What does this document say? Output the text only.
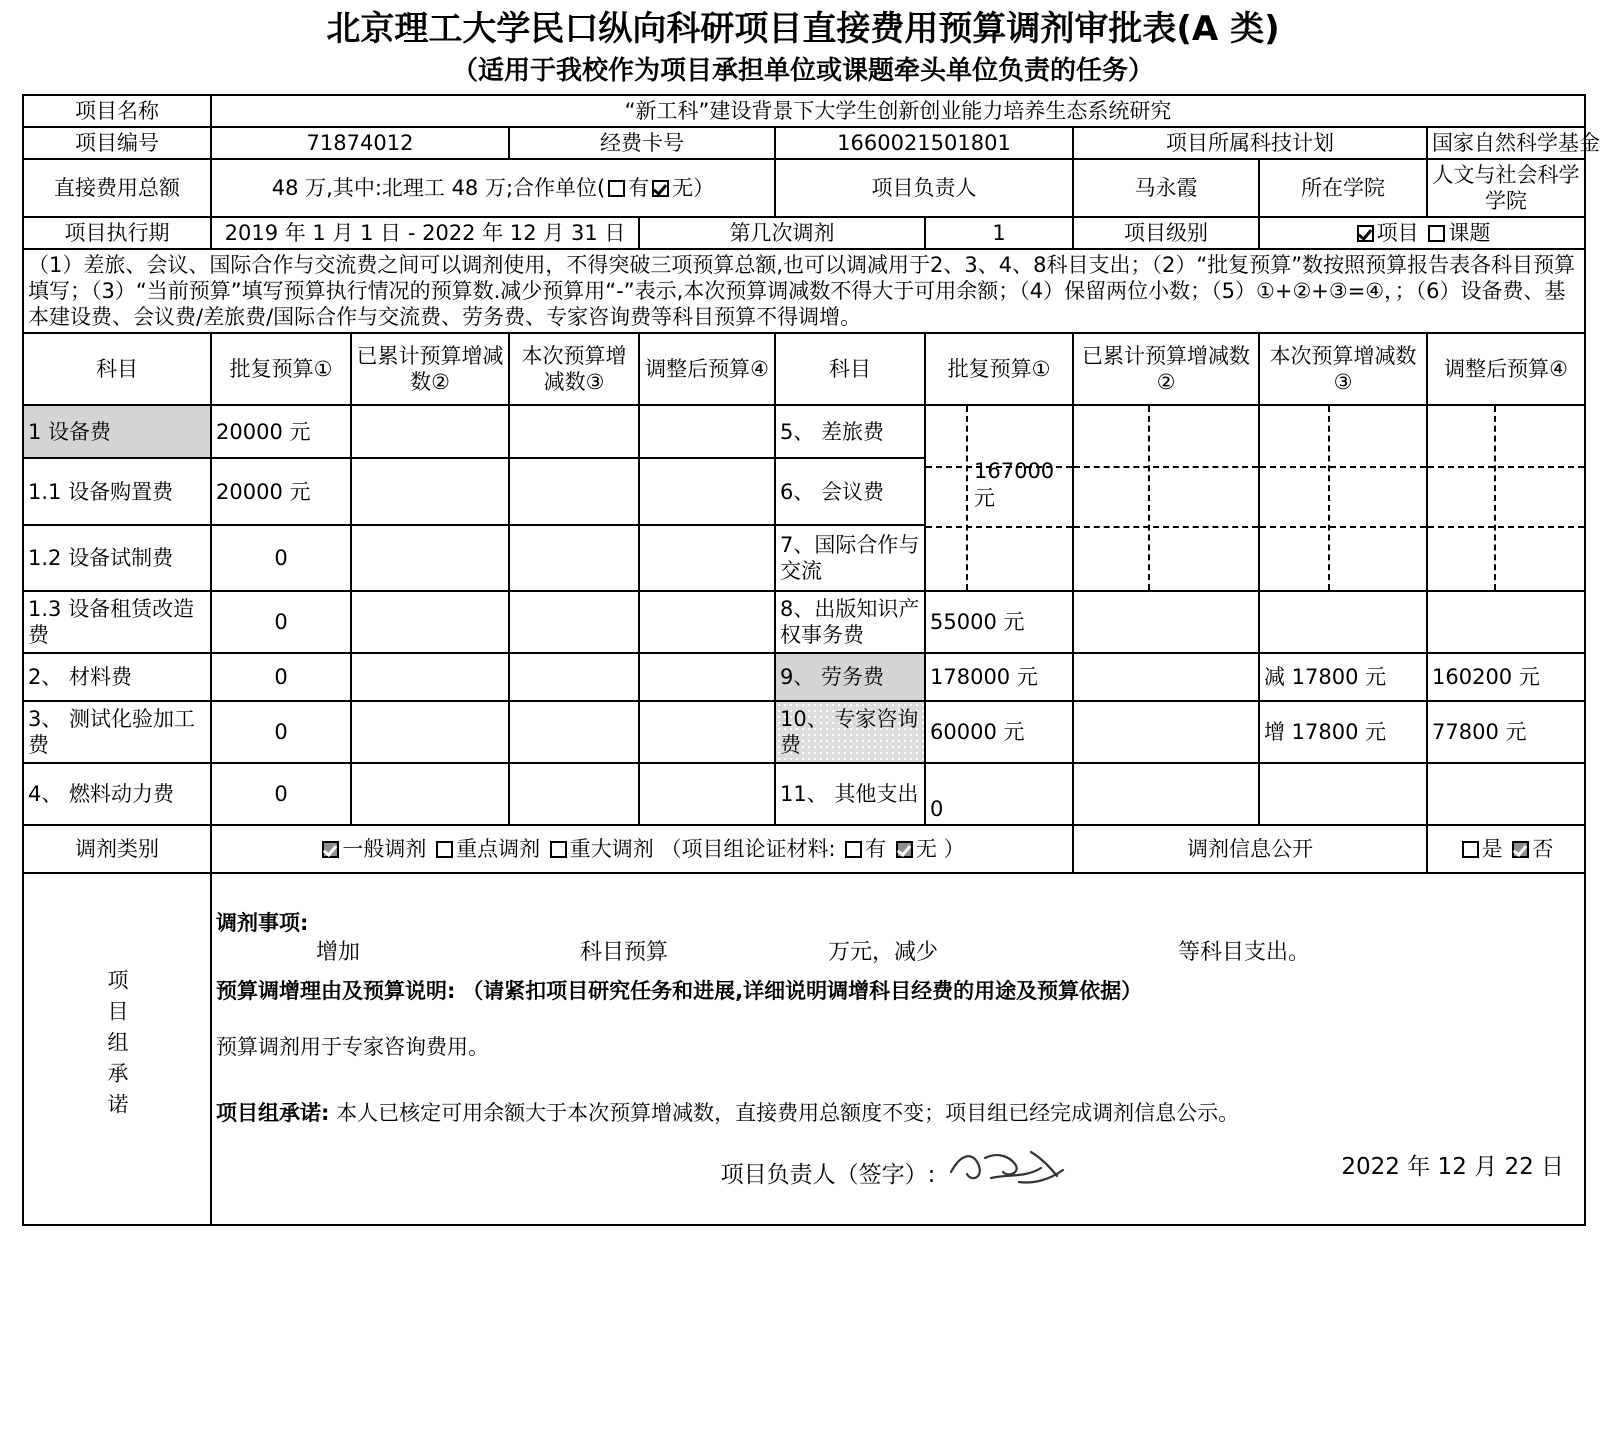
北京理工大学民口纵向科研项目直接费用预算调剂审批表(A 类)
（适用于我校作为项目承担单位或课题牵头单位负责的任务）
项目名称	“新工科”建设背景下大学生创新创业能力培养生态系统研究								
项目编号	71874012		经费卡号		1660021501801		项目所属科技计划		国家自然科学基金
直接费用总额	48 万,其中:北理工 48 万;合作单位( 有 无）				项目负责人		马永霞	所在学院	人文与社会科学学院
项目执行期	2019 年 1 月 1 日 - 2022 年 12 月 31 日			第几次调剂		1	项目级别	项目 课题	
（1）差旅、会议、国际合作与交流费之间可以调剂使用，不得突破三项预算总额,也可以调减用于2、3、4、8科目支出；（2）“批复预算”数按照预算报告表各科目预算填写；（3）“当前预算”填写预算执行情况的预算数.减少预算用“-”表示,本次预算调减数不得大于可用余额；（4）保留两位小数；（5）①+②+③=④，；（6）设备费、基本建设费、会议费/差旅费/国际合作与交流费、劳务费、专家咨询费等科目预算不得调增。									
科目	批复预算①	已累计预算增减数②	本次预算增减数③	调整后预算④	科目	批复预算①	已累计预算增减数②	本次预算增减数③	调整后预算④
1 设备费	20000 元				5、 差旅费	167000 元			

1.1 设备购置费	20000 元				6、 会议费				
1.2 设备试制费	0				7、国际合作与交流				
1.3 设备租赁改造费	0				8、出版知识产权事务费	55000 元			
2、 材料费	0				9、 劳务费	178000 元		减 17800 元	160200 元
3、 测试化验加工费	0				10、 专家咨询费	60000 元		增 17800 元	77800 元
4、 燃料动力费	0				11、 其他支出	0			
调剂类别	一般调剂 重点调剂 重大调剂 （项目组论证材料: 有 无 ）						调剂信息公开		是 否
项目组承诺	
调剂事项:
增加	科目预算	万元，减少	等科目支出。
预算调增理由及预算说明: （请紧扣项目研究任务和进展,详细说明调增科目经费的用途及预算依据）
预算调剂用于专家咨询费用。
项目组承诺: 本人已核定可用余额大于本次预算增减数，直接费用总额度不变；项目组已经完成调剂信息公示。
项目负责人（签字）:	2022 年 12 月 22 日
